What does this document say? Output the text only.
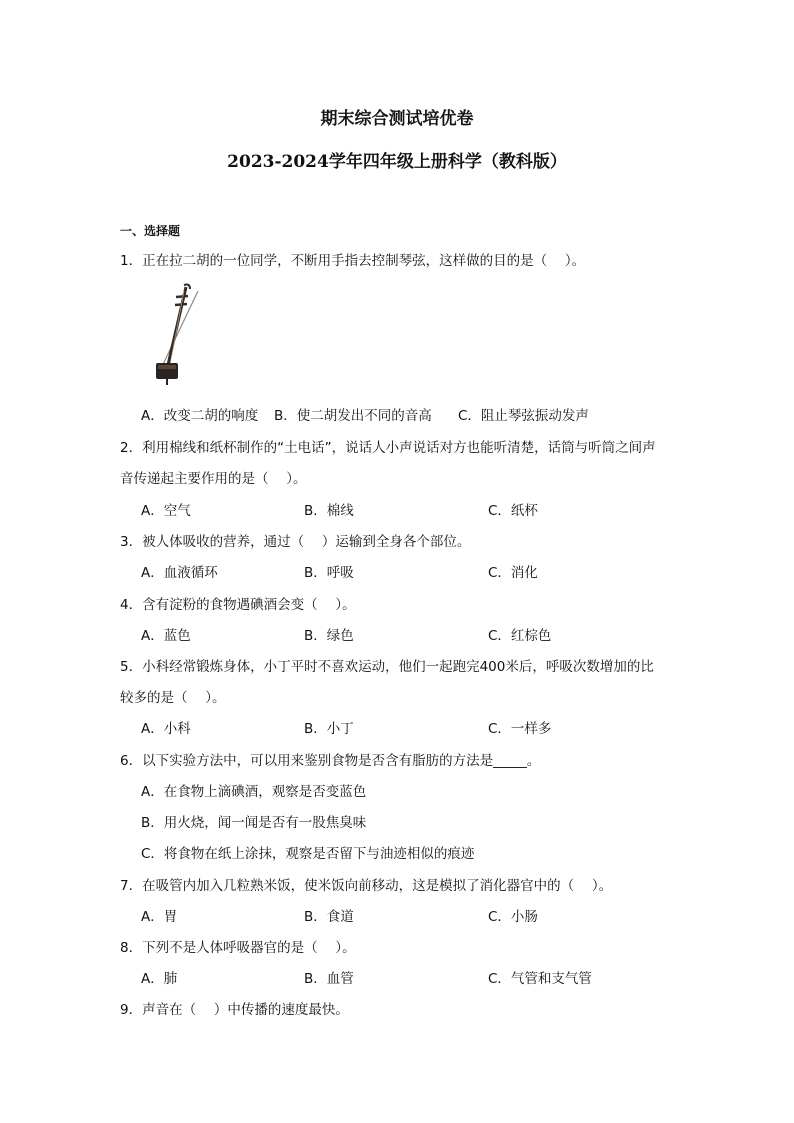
期末综合测试培优卷
2023-2024学年四年级上册科学（教科版）
一、选择题
1．正在拉二胡的一位同学，不断用手指去控制琴弦，这样做的目的是（　 ）。
A．改变二胡的响度 B．使二胡发出不同的音高 C．阻止琴弦振动发声
2．利用棉线和纸杯制作的“土电话”，说话人小声说话对方也能听清楚，话筒与听筒之间声
音传递起主要作用的是（　 ）。
A．空气	B．棉线	C．纸杯
3．被人体吸收的营养，通过（　 ）运输到全身各个部位。
A．血液循环	B．呼吸	C．消化
4．含有淀粉的食物遇碘酒会变（　 ）。
A．蓝色	B．绿色	C．红棕色
5．小科经常锻炼身体，小丁平时不喜欢运动，他们一起跑完400米后，呼吸次数增加的比
较多的是（　 ）。
A．小科	B．小丁	C．一样多
6．以下实验方法中，可以用来鉴别食物是否含有脂肪的方法是_____。
A．在食物上滴碘酒，观察是否变蓝色
B．用火烧，闻一闻是否有一股焦臭味
C．将食物在纸上涂抹，观察是否留下与油迹相似的痕迹
7．在吸管内加入几粒熟米饭，使米饭向前移动，这是模拟了消化器官中的（　 ）。
A．胃	B．食道	C．小肠
8．下列不是人体呼吸器官的是（　 ）。
A．肺	B．血管	C．气管和支气管
9．声音在（　 ）中传播的速度最快。
